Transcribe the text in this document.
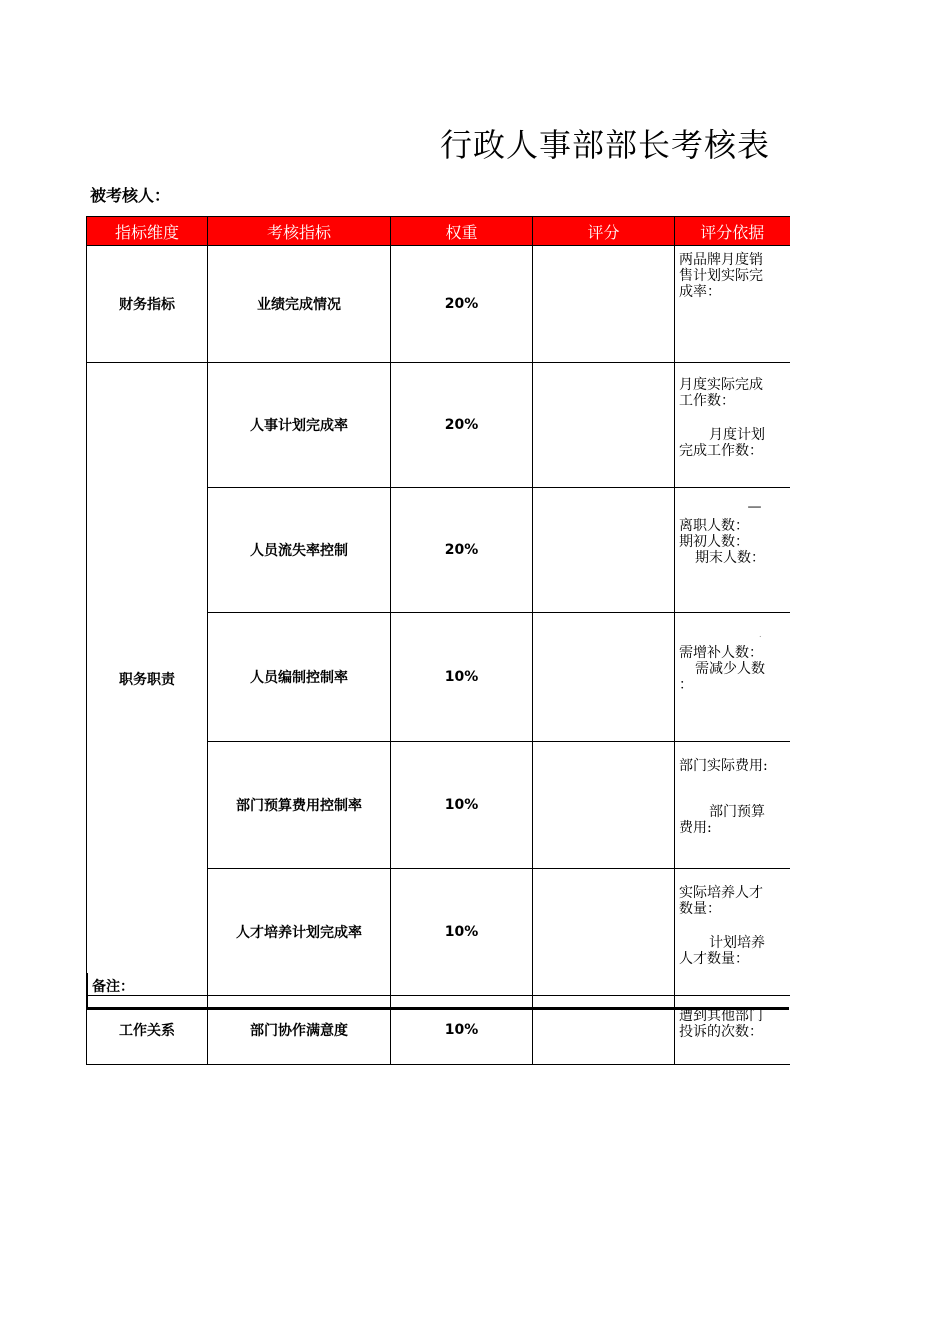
行政人事部部长考核表
被考核人：
指标维度	考核指标	权重	评分	评分依据
财务指标	业绩完成情况	20%		两品牌月度销
售计划实际完
成率：

职务职责	人事计划完成率	20%		月度实际完成
工作数：
月度计划
完成工作数：

	人员流失率控制	20%		—
离职人数：
期初人数：
期末人数：

	人员编制控制率	10%		.
需增补人数：
需减少人数
：

	部门预算费用控制率	10%		部门实际费用:
部门预算
费用:

	人才培养计划完成率	10%		实际培养人才
数量：
计划培养
人才数量：

工作关系	部门协作满意度	10%		遭到其他部门
投诉的次数：
备注：
